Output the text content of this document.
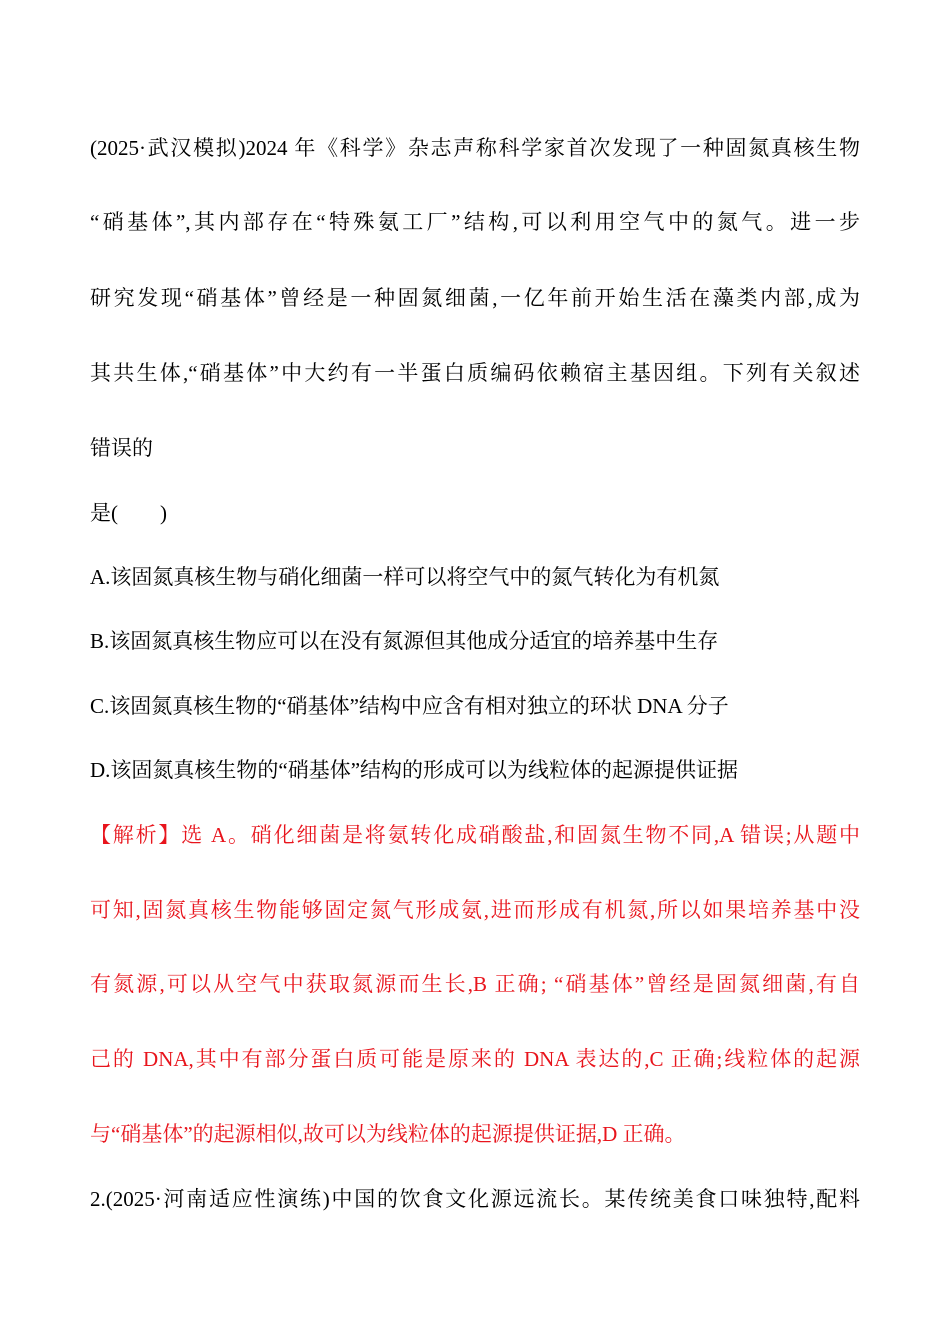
(2025·武汉模拟)2024 年《科学》杂志声称科学家首次发现了一种固氮真核生物
“硝基体”,其内部存在“特殊氨工厂”结构,可以利用空气中的氮气。进一步
研究发现“硝基体”曾经是一种固氮细菌,一亿年前开始生活在藻类内部,成为
其共生体,“硝基体”中大约有一半蛋白质编码依赖宿主基因组。下列有关叙述
错误的
是(　　)
A.该固氮真核生物与硝化细菌一样可以将空气中的氮气转化为有机氮
B.该固氮真核生物应可以在没有氮源但其他成分适宜的培养基中生存
C.该固氮真核生物的“硝基体”结构中应含有相对独立的环状 DNA 分子
D.该固氮真核生物的“硝基体”结构的形成可以为线粒体的起源提供证据
【解析】选 A。硝化细菌是将氨转化成硝酸盐,和固氮生物不同,A 错误;从题中
可知,固氮真核生物能够固定氮气形成氨,进而形成有机氮,所以如果培养基中没
有氮源,可以从空气中获取氮源而生长,B 正确; “硝基体”曾经是固氮细菌,有自
己的 DNA,其中有部分蛋白质可能是原来的 DNA 表达的,C 正确;线粒体的起源
与“硝基体”的起源相似,故可以为线粒体的起源提供证据,D 正确。
2.(2025·河南适应性演练)中国的饮食文化源远流长。某传统美食口味独特,配料
